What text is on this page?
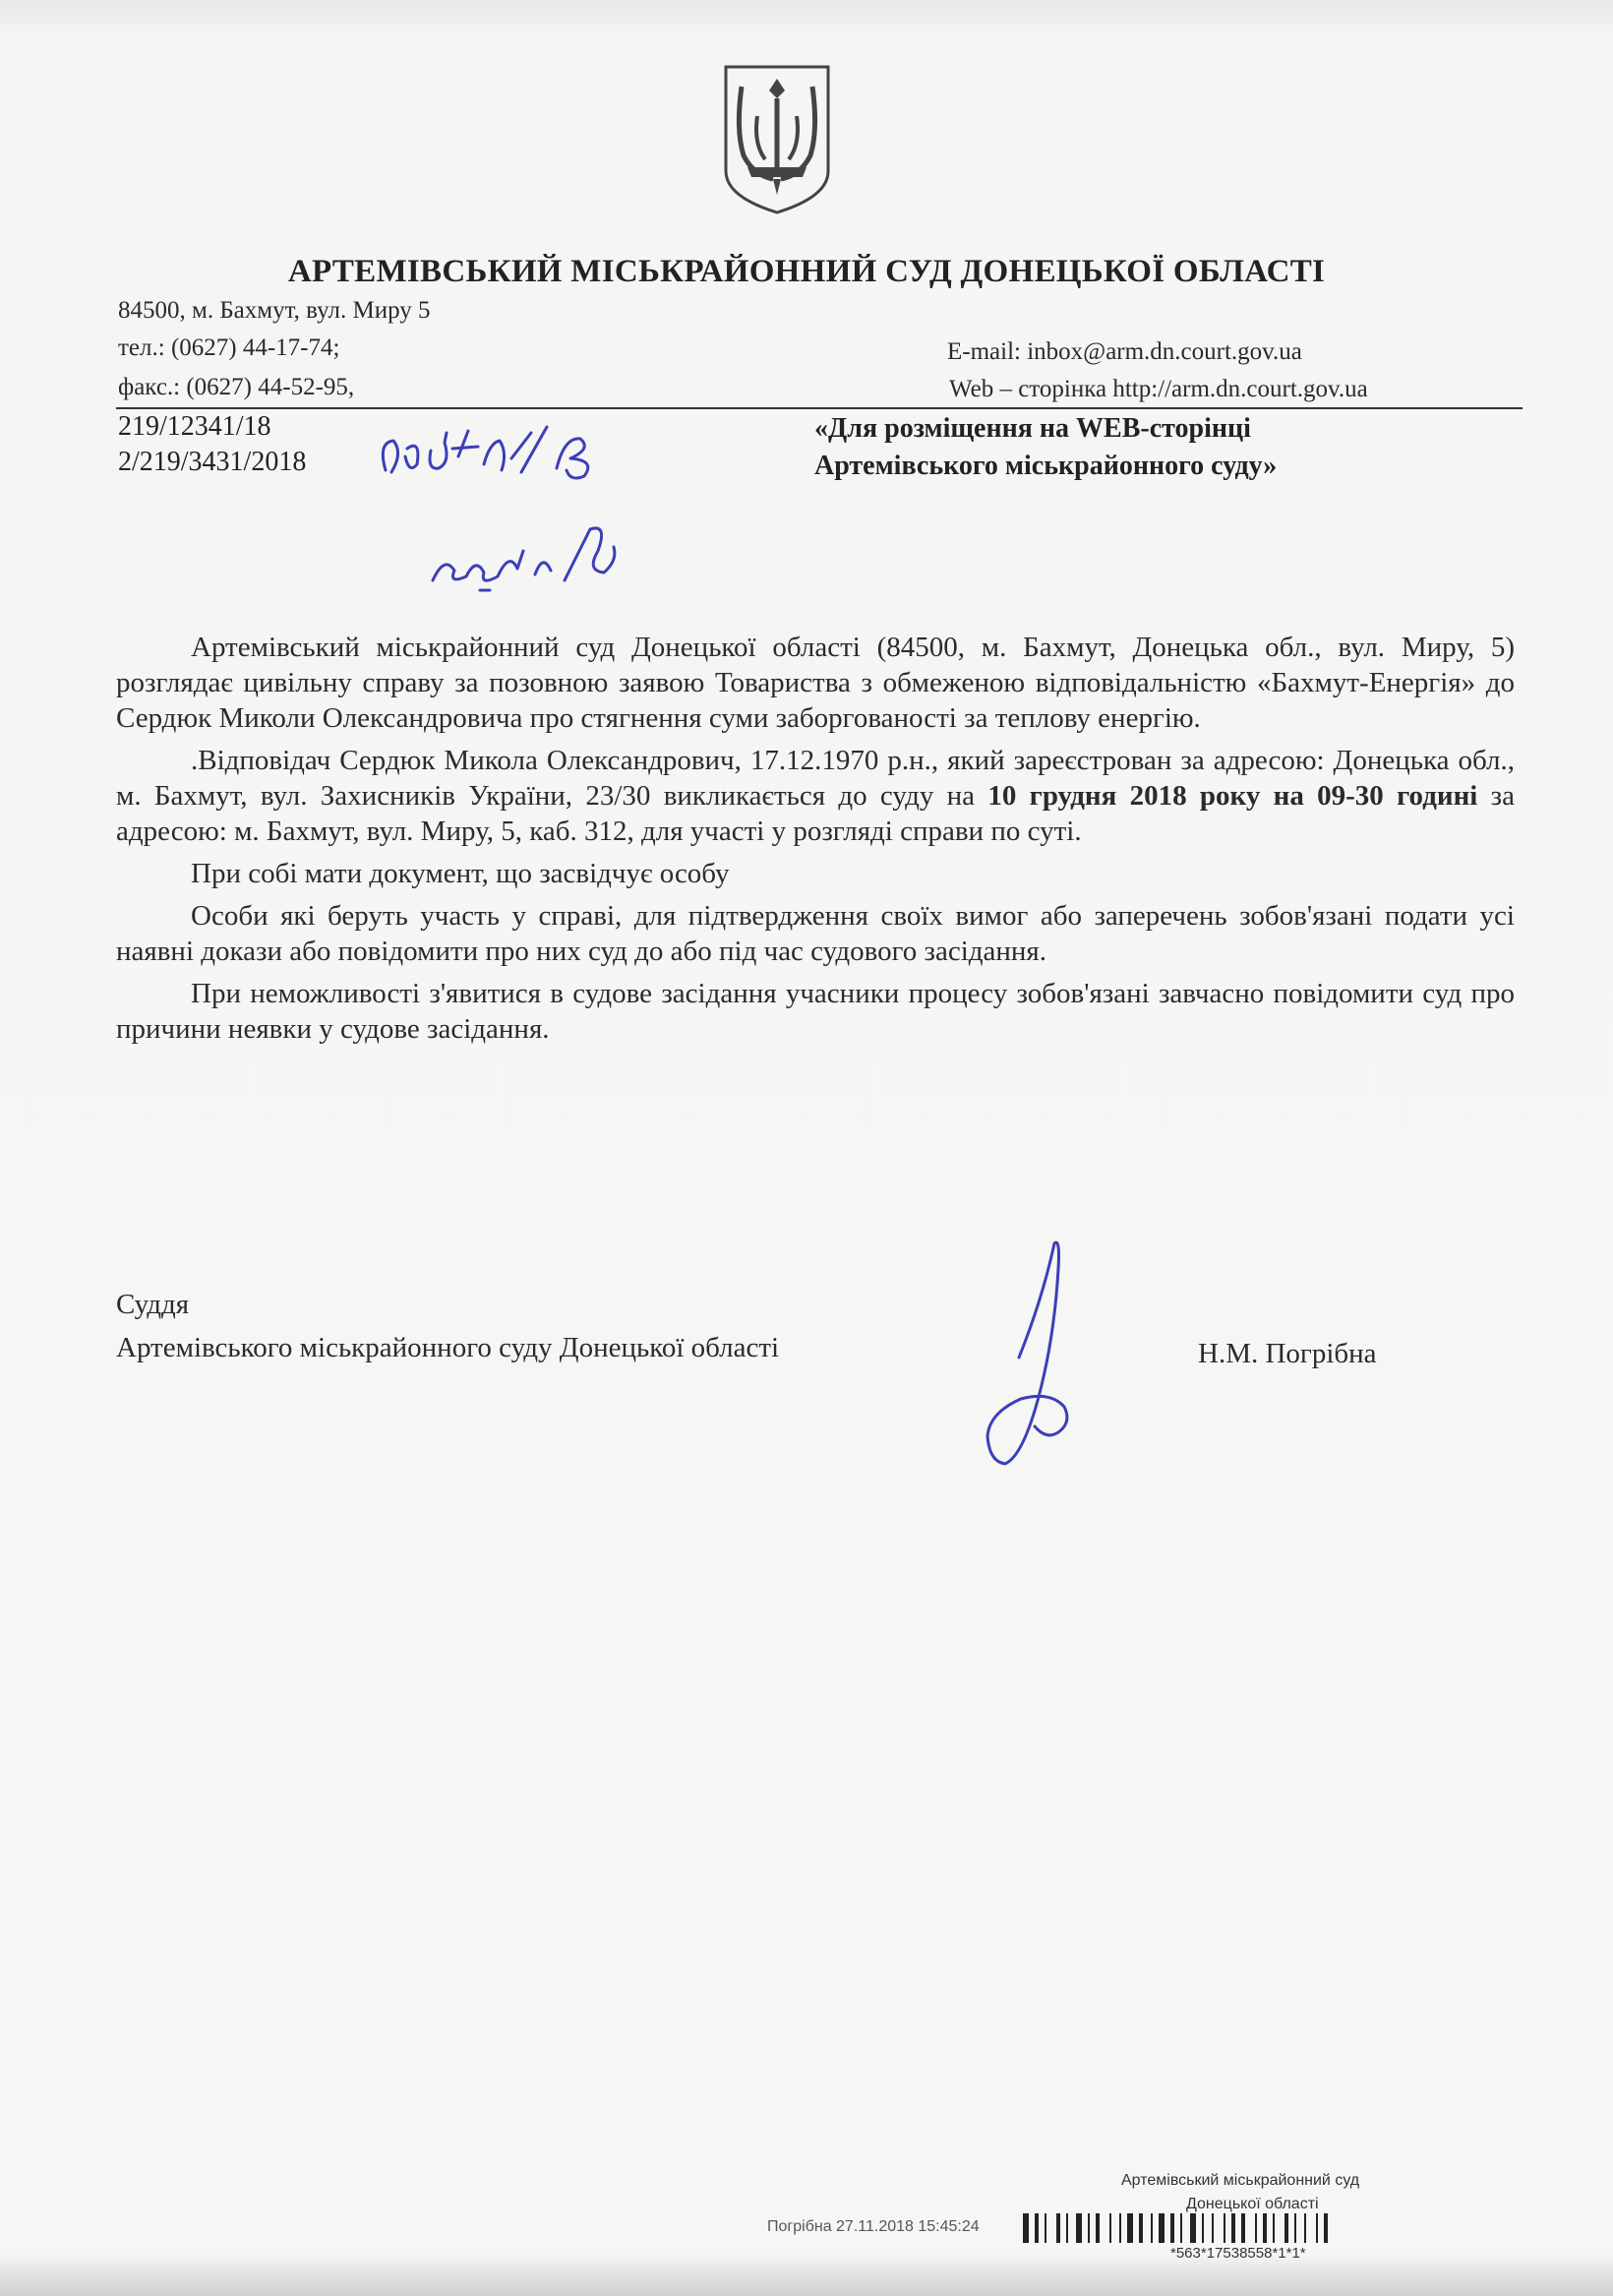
АРТЕМІВСЬКИЙ МІСЬКРАЙОННИЙ СУД ДОНЕЦЬКОЇ ОБЛАСТІ
84500, м. Бахмут, вул. Миру 5
тел.: (0627) 44-17-74;
факс.: (0627) 44-52-95,
E-mail: inbox@arm.dn.court.gov.ua
Web – сторінка http://arm.dn.court.gov.ua
219/12341/18
2/219/3431/2018
«Для розміщення на WEB-сторінці
Артемівського міськрайонного суду»

Артемівський міськрайонний суд Донецької області (84500, м. Бахмут, Донецька обл., вул. Миру, 5) розглядає цивільну справу за позовною заявою Товариства з обмеженою відповідальністю «Бахмут-Енергія» до Сердюк Миколи Олександровича про стягнення суми заборгованості за теплову енергію.

.Відповідач Сердюк Микола Олександрович, 17.12.1970 р.н., який зареєстрован за адресою: Донецька обл., м. Бахмут, вул. Захисників України, 23/30 викликається до суду на 10 грудня 2018 року на 09-30 годині за адресою: м. Бахмут, вул. Миру, 5, каб. 312, для участі у розгляді справи по суті.

При собі мати документ, що засвідчує особу

Особи які беруть участь у справі, для підтвердження своїх вимог або заперечень зобов'язані подати усі наявні докази або повідомити про них суд до або під час судового засідання.

При неможливості з'явитися в судове засідання учасники процесу зобов'язані завчасно повідомити суд про причини неявки у судове засідання.

Суддя
Артемівського міськрайонного суду Донецької області	Н.М. Погрібна
Артемівський міськрайонний суд
Донецької області
Погрібна 27.11.2018 15:45:24
*563*17538558*1*1*
